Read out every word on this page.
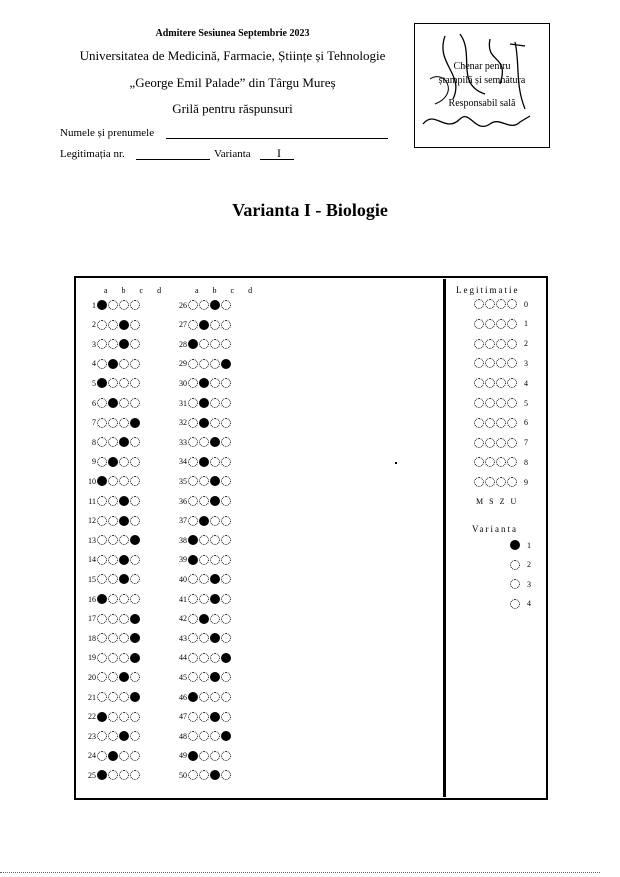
Admitere Sesiunea Septembrie 2023
Universitatea de Medicină, Farmacie, Științe și Tehnologie
„George Emil Palade” din Târgu Mureș
Grilă pentru răspunsuri
Numele și prenumele
Legitimația nr.	Varianta I
Chenar pentru
ștampilă și semnătura
Responsabil sală
Varianta I - Biologie
a b c d	a b c d
1
2
3
4
5
6
7
8
9
10
11
12
13
14
15
16
17
18
19
20
21
22
23
24
25
26
27
28
29
30
31
32
33
34
35
36
37
38
39
40
41
42
43
44
45
46
47
48
49
50
Legitimatie
0
1
2
3
4
5
6
7
8
9
M S Z U
Varianta
1
2
3
4
